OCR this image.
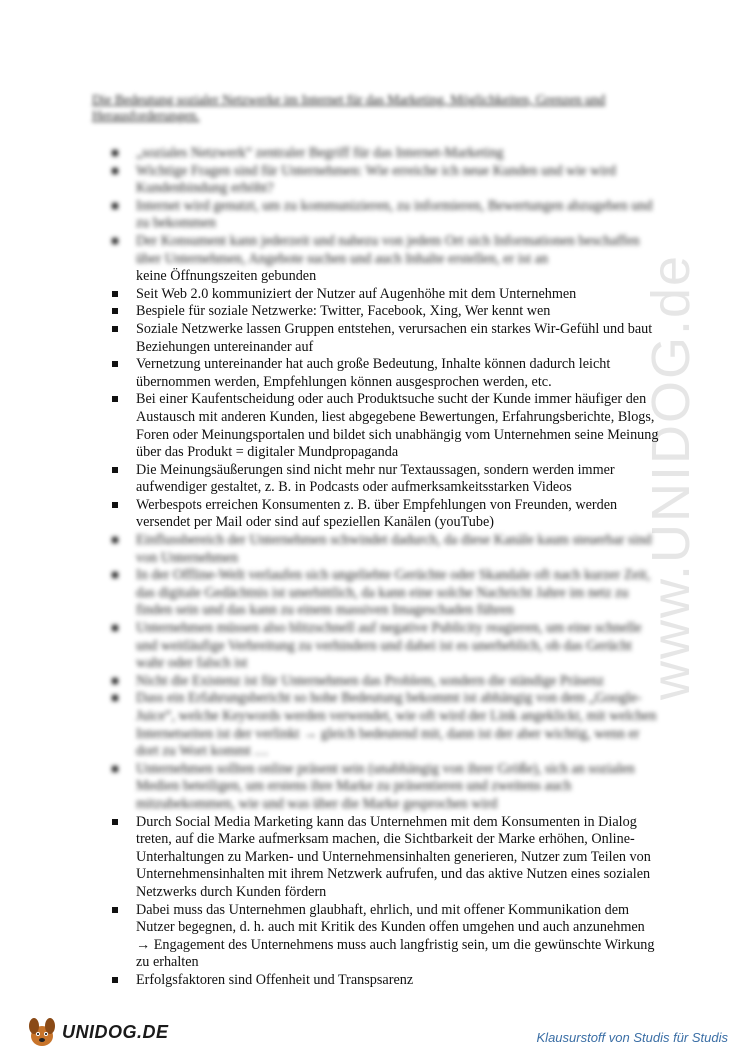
www.UNIDOG.de
Die Bedeutung sozialer Netzwerke im Internet für das Marketing, Möglichkeiten, Grenzen und Herausforderungen.
„soziales Netzwerk“ zentraler Begriff für das Internet-Marketing
Wichtige Fragen sind für Unternehmen: Wie erreiche ich neue Kunden und wie wird Kundenbindung erhöht?
Internet wird genutzt, um zu kommunizieren, zu informieren, Bewertungen abzugeben und zu bekommen
Der Konsument kann jederzeit und nahezu von jedem Ort sich Informationen beschaffen über Unternehmen, Angebote suchen und auch Inhalte erstellen, er ist an
keine Öffnungszeiten gebunden
Seit Web 2.0 kommuniziert der Nutzer auf Augenhöhe mit dem Unternehmen
Bespiele für soziale Netzwerke: Twitter, Facebook, Xing, Wer kennt wen
Soziale Netzwerke lassen Gruppen entstehen, verursachen ein starkes Wir-Gefühl und baut Beziehungen untereinander auf
Vernetzung untereinander hat auch große Bedeutung, Inhalte können dadurch leicht übernommen werden, Empfehlungen können ausgesprochen werden, etc.
Bei einer Kaufentscheidung oder auch Produktsuche sucht der Kunde immer häufiger den Austausch mit anderen Kunden, liest abgegebene Bewertungen, Erfahrungsberichte, Blogs, Foren oder Meinungsportalen und bildet sich unabhängig vom Unternehmen seine Meinung über das Produkt = digitaler Mundpropaganda
Die Meinungsäußerungen sind nicht mehr nur Textaussagen, sondern werden immer aufwendiger gestaltet, z. B. in Podcasts oder aufmerksamkeitsstarken Videos
Werbespots erreichen Konsumenten z. B. über Empfehlungen von Freunden, werden versendet per Mail oder sind auf speziellen Kanälen (youTube)
Einflussbereich der Unternehmen schwindet dadurch, da diese Kanäle kaum steuerbar sind von Unternehmen
In der Offline-Welt verlaufen sich ungeliebte Gerüchte oder Skandale oft nach kurzer Zeit, das digitale Gedächtnis ist unerbittlich, da kann eine solche Nachricht Jahre im netz zu finden sein und das kann zu einem massiven Imageschaden führen
Unternehmen müssen also blitzschnell auf negative Publicity reagieren, um eine schnelle und weitläufige Verbreitung zu verhindern und dabei ist es unerheblich, ob das Gerücht wahr oder falsch ist
Nicht die Existenz ist für Unternehmen das Problem, sondern die ständige Präsenz
Dass ein Erfahrungsbericht so hohe Bedeutung bekommt ist abhängig von dem „Google-Juice“, welche Keywords werden verwendet, wie oft wird der Link angeklickt, mit welchen Internetseiten ist der verlinkt → gleich bedeutend mit, dann ist der aber wichtig, wenn er dort zu Wort kommt …
Unternehmen sollten online präsent sein (unabhängig von ihrer Größe), sich an sozialen Medien beteiligen, um erstens ihre Marke zu präsentieren und zweitens auch mitzubekommen, wie und was über die Marke gesprochen wird
Durch Social Media Marketing kann das Unternehmen mit dem Konsumenten in Dialog treten, auf die Marke aufmerksam machen, die Sichtbarkeit der Marke erhöhen, Online-Unterhaltungen zu Marken- und Unternehmensinhalten generieren, Nutzer zum Teilen von Unternehmensinhalten mit ihrem Netzwerk aufrufen, und das aktive Nutzen eines sozialen Netzwerks durch Kunden fördern
Dabei muss das Unternehmen glaubhaft, ehrlich, und mit offener Kommunikation dem Nutzer begegnen, d. h. auch mit Kritik des Kunden offen umgehen und auch anzunehmen → Engagement des Unternehmens muss auch langfristig sein, um die gewünschte Wirkung zu erhalten
Erfolgsfaktoren sind Offenheit und Transpsarenz
UNIDOG.DE	Klausurstoff von Studis für Studis
